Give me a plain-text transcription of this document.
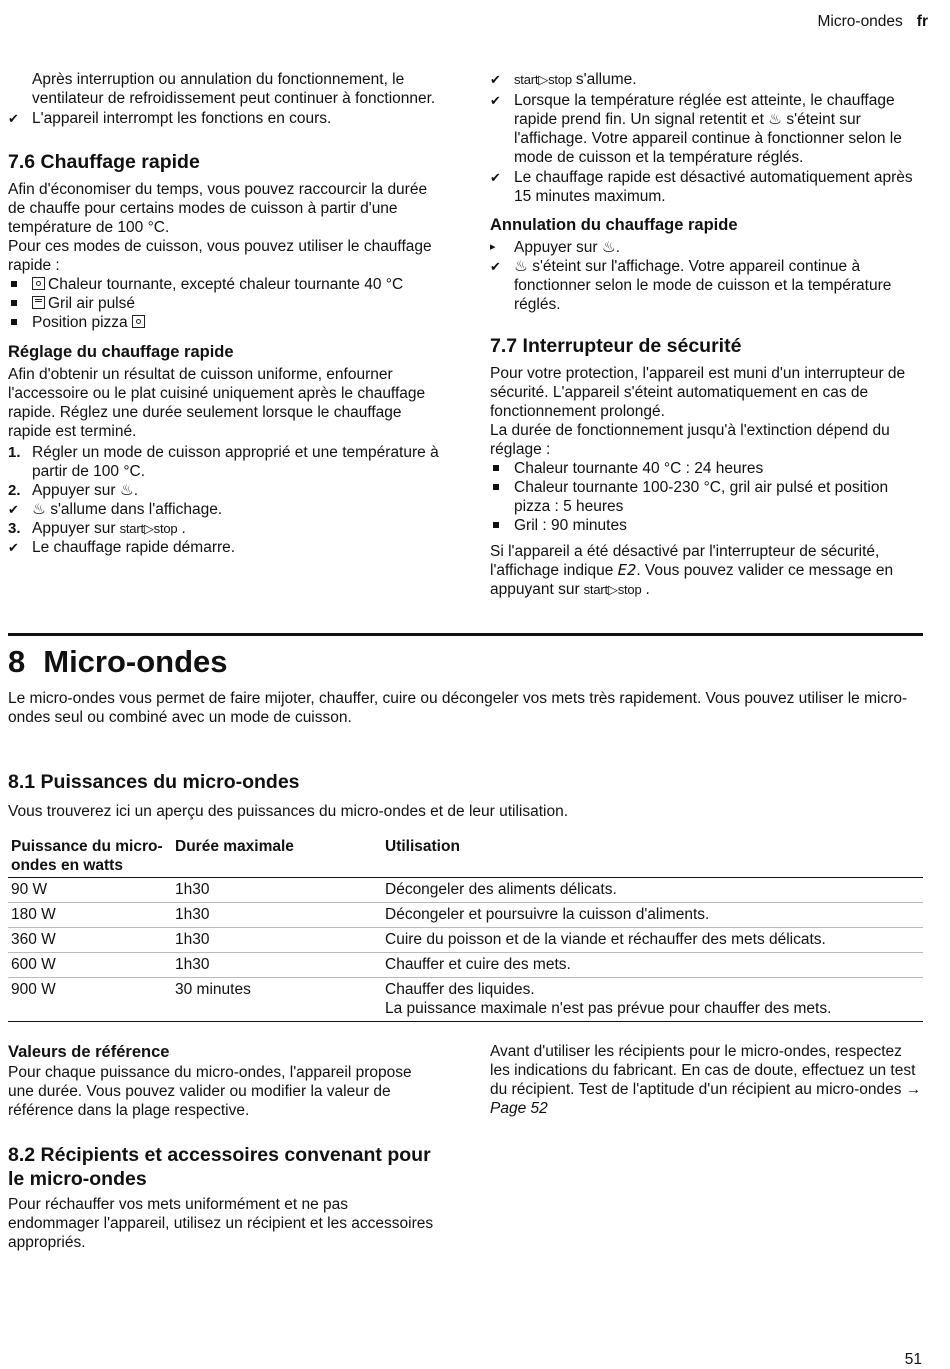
Micro-ondes fr

Après interruption ou annulation du fonctionnement, le ventilateur de refroidissement peut continuer à fonctionner.

✔ L'appareil interrompt les fonctions en cours.
7.6 Chauffage rapide

Afin d'économiser du temps, vous pouvez raccourcir la durée de chauffe pour certains modes de cuisson à partir d'une température de 100 °C.

Pour ces modes de cuisson, vous pouvez utiliser le chauffage rapide :

Chaleur tournante, excepté chaleur tournante 40 °C
Gril air pulsé
Position pizza
Réglage du chauffage rapide

Afin d'obtenir un résultat de cuisson uniforme, enfourner l'accessoire ou le plat cuisiné uniquement après le chauffage rapide. Réglez une durée seulement lorsque le chauffage rapide est terminé.

1. Régler un mode de cuisson approprié et une température à partir de 100 °C.
2. Appuyer sur ♨.
✔ ♨ s'allume dans l'affichage.
3. Appuyer sur start▷stop .
✔ Le chauffage rapide démarre.
✔	start▷stop s'allume.
✔ Lorsque la température réglée est atteinte, le chauffage rapide prend fin. Un signal retentit et ♨ s'éteint sur l'affichage. Votre appareil continue à fonctionner selon le mode de cuisson et la température réglés.
✔ Le chauffage rapide est désactivé automatiquement après 15 minutes maximum.
Annulation du chauffage rapide
▸	Appuyer sur ♨.
✔ ♨ s'éteint sur l'affichage. Votre appareil continue à fonctionner selon le mode de cuisson et la température réglés.
7.7 Interrupteur de sécurité

Pour votre protection, l'appareil est muni d'un interrupteur de sécurité. L'appareil s'éteint automatiquement en cas de fonctionnement prolongé.

La durée de fonctionnement jusqu'à l'extinction dépend du réglage :

Chaleur tournante 40 °C : 24 heures
Chaleur tournante 100-230 °C, gril air pulsé et position pizza : 5 heures
Gril : 90 minutes

Si l'appareil a été désactivé par l'interrupteur de sécurité, l'affichage indique E2. Vous pouvez valider ce message en appuyant sur start▷stop .

8 Micro-ondes

Le micro-ondes vous permet de faire mijoter, chauffer, cuire ou décongeler vos mets très rapidement. Vous pouvez utiliser le micro-ondes seul ou combiné avec un mode de cuisson.

8.1 Puissances du micro-ondes

Vous trouverez ici un aperçu des puissances du micro-ondes et de leur utilisation.

Puissance du micro-ondes en watts	Durée maximale	Utilisation
90 W	1h30	Décongeler des aliments délicats.
180 W	1h30	Décongeler et poursuivre la cuisson d'aliments.
360 W	1h30	Cuire du poisson et de la viande et réchauffer des mets délicats.
600 W	1h30	Chauffer et cuire des mets.
900 W	30 minutes	Chauffer des liquides.
La puissance maximale n'est pas prévue pour chauffer des mets.
Valeurs de référence

Pour chaque puissance du micro-ondes, l'appareil propose une durée. Vous pouvez valider ou modifier la valeur de référence dans la plage respective.

Avant d'utiliser les récipients pour le micro-ondes, respectez les indications du fabricant. En cas de doute, effectuez un test du récipient. Test de l'aptitude d'un récipient au micro-ondes → Page 52

8.2 Récipients et accessoires convenant pour le micro-ondes

Pour réchauffer vos mets uniformément et ne pas endommager l'appareil, utilisez un récipient et les accessoires appropriés.

51
